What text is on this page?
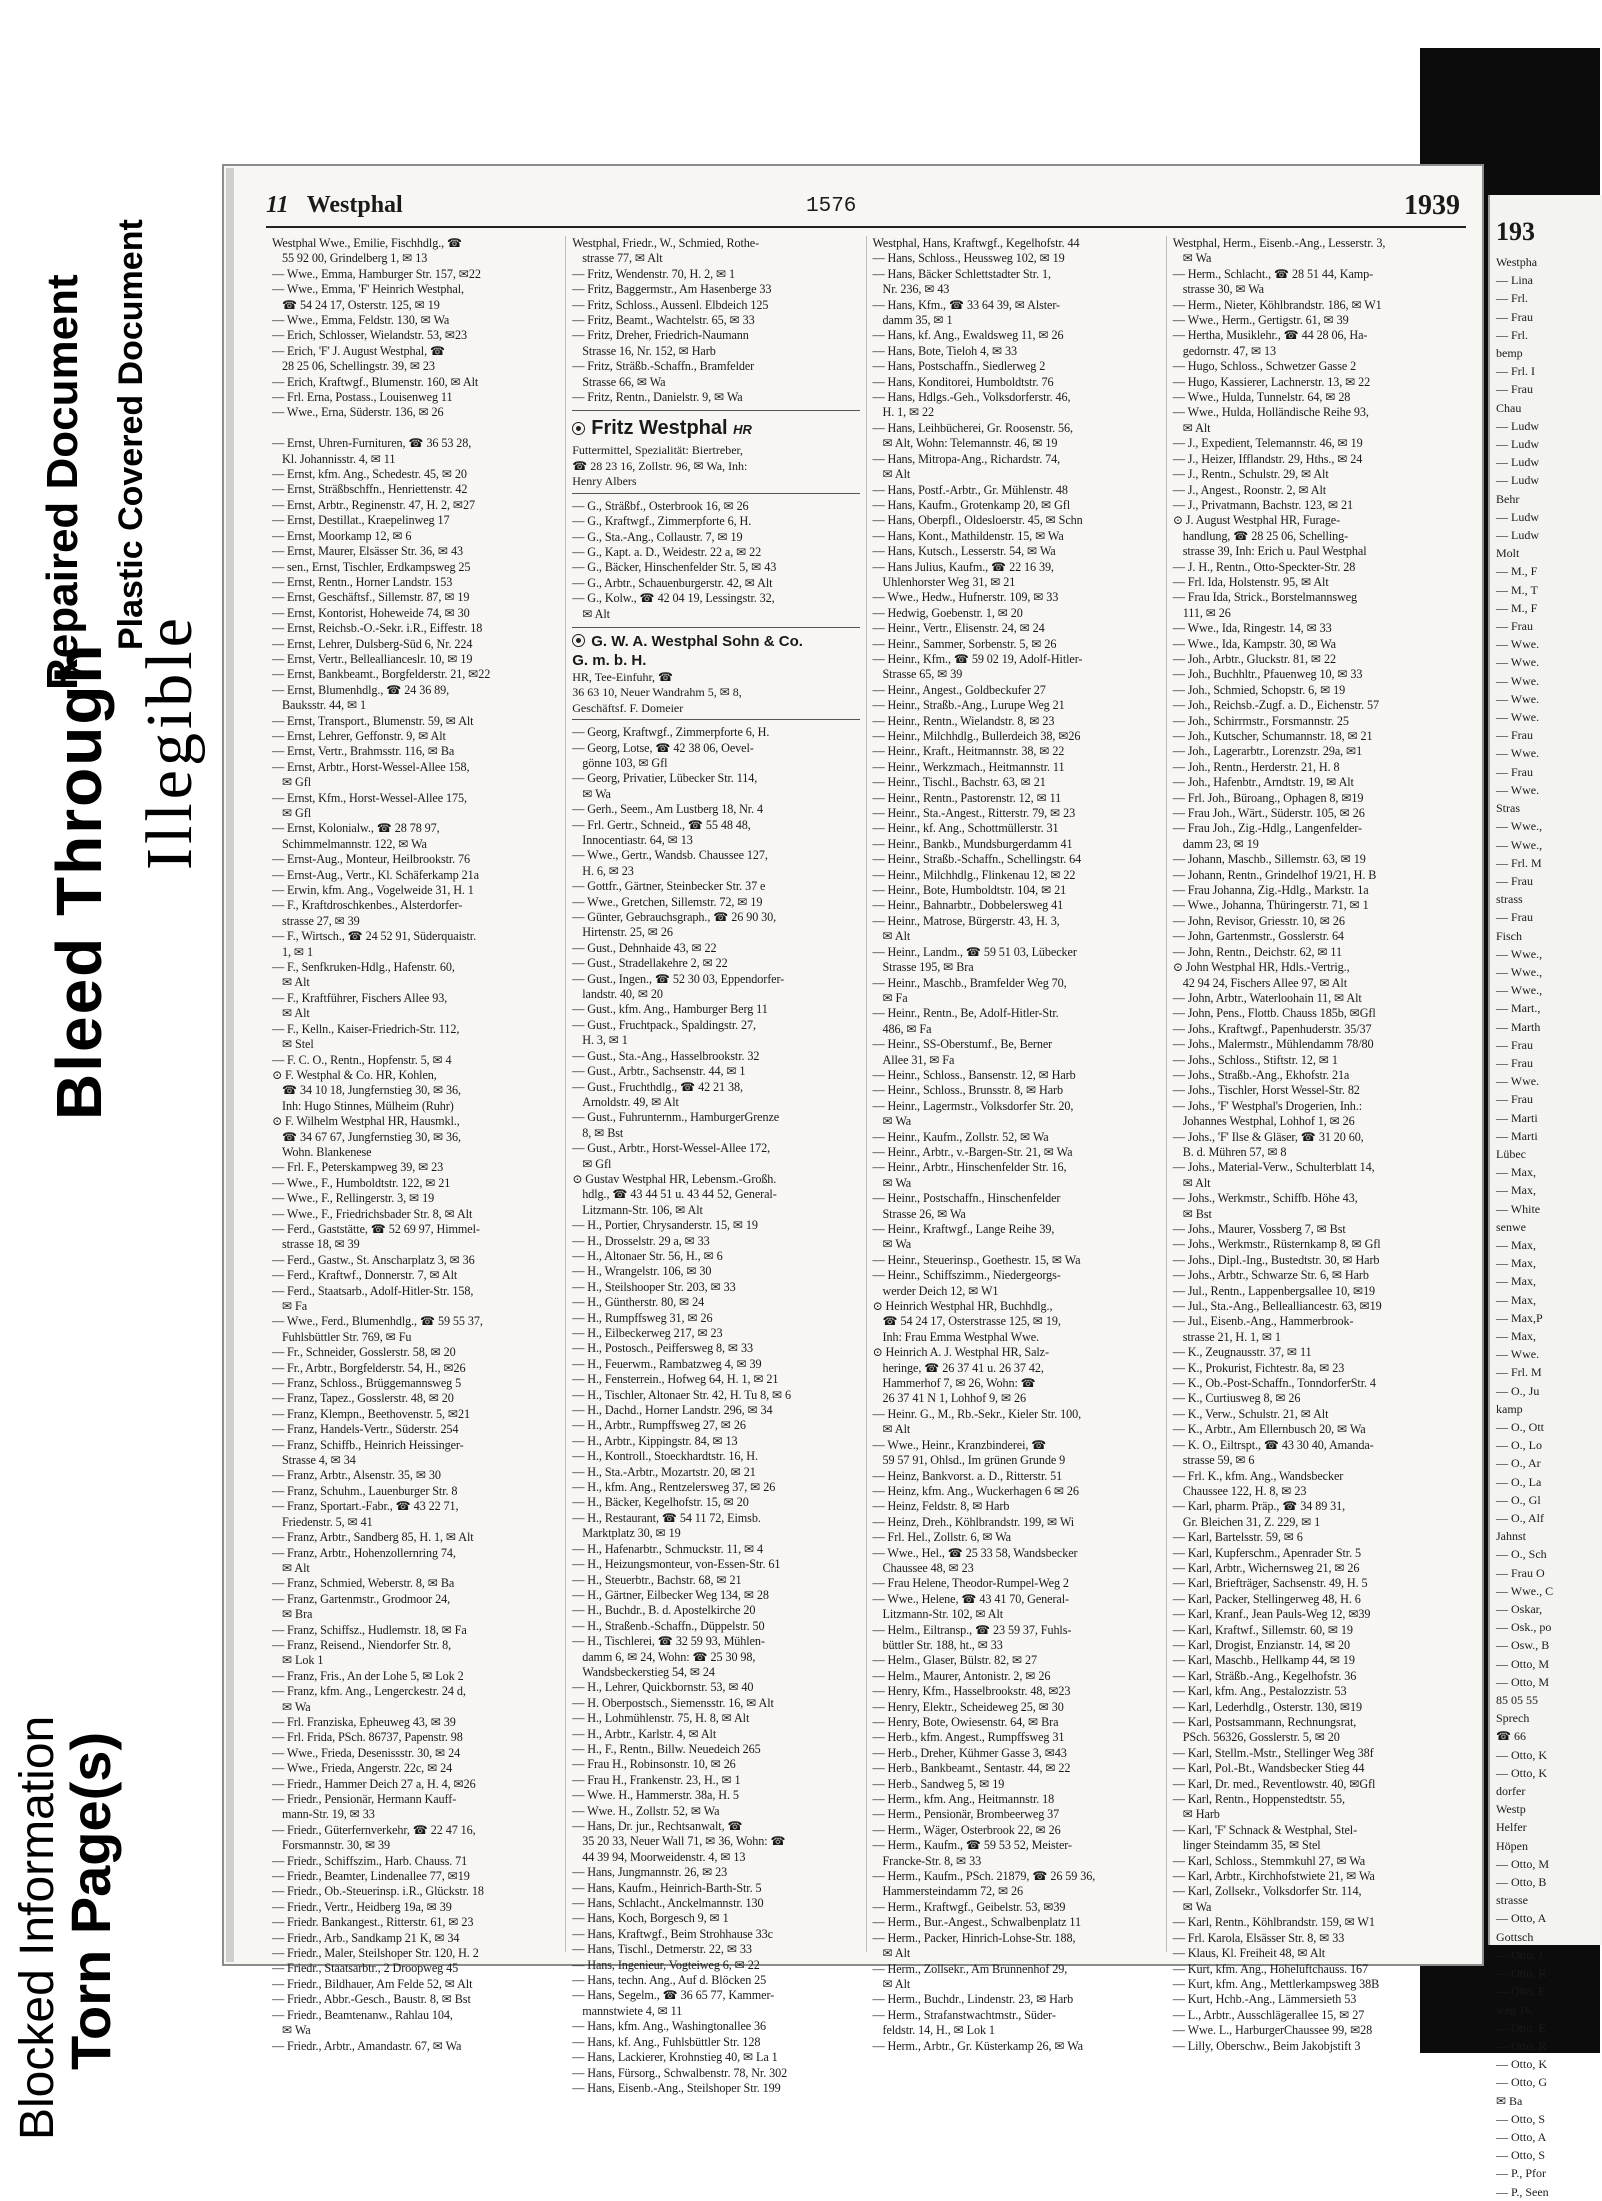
Blocked Information
Bleed Through
Torn Page(s)
Illegible
Repaired Document Plastic Covered Document	193
Westpha
— Lina
— Frl.
— Frau
— Frl.
bemp
— Frl. I
— Frau
Chau
— Ludw
— Ludw
— Ludw
— Ludw
Behr
— Ludw
— Ludw
Molt
— M., F
— M., T
— M., F
— Frau
— Wwe.
— Wwe.
— Wwe.
— Wwe.
— Wwe.
— Frau
— Wwe.
— Frau
— Wwe.
Stras
— Wwe.,
— Wwe.,
— Frl. M
— Frau
strass
— Frau
Fisch
— Wwe.,
— Wwe.,
— Wwe.,
— Mart.,
— Marth
— Frau
— Frau
— Wwe.
— Frau
— Marti
— Marti
Lübec
— Max,
— Max,
— White
senwe
— Max,
— Max,
— Max,
— Max,
— Max,P
— Max,
— Wwe.
— Frl. M
— O., Ju
kamp
— O., Ott
— O., Lo
— O., Ar
— O., La
— O., Gl
— O., Alf
Jahnst
— O., Sch
— Frau O
— Wwe., C
— Oskar,
— Osk., po
— Osw., B
— Otto, M
— Otto, M
85 05 55
Sprech
☎ 66
— Otto, K
— Otto, K
dorfer
Westp
Helfer
Höpen
— Otto, M
— Otto, B
strasse
— Otto, A
Gottsch
— Otto, J
— Otto, R
— Otto, E
weg 16,
— Otto, E
— Otto, R
— Otto, K
— Otto, G
✉ Ba
— Otto, S
— Otto, A
— Otto, S
— P., Pfor
— P., Seen
11 Westphal	1576	1939
Westphal Wwe., Emilie, Fischhdlg., ☎
55 92 00, Grindelberg 1, ✉ 13
— Wwe., Emma, Hamburger Str. 157, ✉22
— Wwe., Emma, 'F' Heinrich Westphal,
☎ 54 24 17, Osterstr. 125, ✉ 19
— Wwe., Emma, Feldstr. 130, ✉ Wa
— Erich, Schlosser, Wielandstr. 53, ✉23
— Erich, 'F' J. August Westphal, ☎
28 25 06, Schellingstr. 39, ✉ 23
— Erich, Kraftwgf., Blumenstr. 160, ✉ Alt
— Frl. Erna, Postass., Louisenweg 11
— Wwe., Erna, Süderstr. 136, ✉ 26
— Ernst, Uhren-Furnituren, ☎ 36 53 28,
Kl. Johannisstr. 4, ✉ 11
— Ernst, kfm. Ang., Schedestr. 45, ✉ 20
— Ernst, Sträßbschffn., Henriettenstr. 42
— Ernst, Arbtr., Reginenstr. 47, H. 2, ✉27
— Ernst, Destillat., Kraepelinweg 17
— Ernst, Moorkamp 12, ✉ 6
— Ernst, Maurer, Elsässer Str. 36, ✉ 43
— sen., Ernst, Tischler, Erdkampsweg 25
— Ernst, Rentn., Horner Landstr. 153
— Ernst, Geschäftsf., Sillemstr. 87, ✉ 19
— Ernst, Kontorist, Hoheweide 74, ✉ 30
— Ernst, Reichsb.-O.-Sekr. i.R., Eiffestr. 18
— Ernst, Lehrer, Dulsberg-Süd 6, Nr. 224
— Ernst, Vertr., Belleallianceslr. 10, ✉ 19
— Ernst, Bankbeamt., Borgfelderstr. 21, ✉22
— Ernst, Blumenhdlg., ☎ 24 36 89,
Bauksstr. 44, ✉ 1
— Ernst, Transport., Blumenstr. 59, ✉ Alt
— Ernst, Lehrer, Geffonstr. 9, ✉ Alt
— Ernst, Vertr., Brahmsstr. 116, ✉ Ba
— Ernst, Arbtr., Horst-Wessel-Allee 158,
✉ Gfl
— Ernst, Kfm., Horst-Wessel-Allee 175,
✉ Gfl
— Ernst, Kolonialw., ☎ 28 78 97,
Schimmelmannstr. 122, ✉ Wa
— Ernst-Aug., Monteur, Heilbrookstr. 76
— Ernst-Aug., Vertr., Kl. Schäferkamp 21a
— Erwin, kfm. Ang., Vogelweide 31, H. 1
— F., Kraftdroschkenbes., Alsterdorfer-
strasse 27, ✉ 39
— F., Wirtsch., ☎ 24 52 91, Süderquaistr.
1, ✉ 1
— F., Senfkruken-Hdlg., Hafenstr. 60,
✉ Alt
— F., Kraftführer, Fischers Allee 93,
✉ Alt
— F., Kelln., Kaiser-Friedrich-Str. 112,
✉ Stel
— F. C. O., Rentn., Hopfenstr. 5, ✉ 4
⊙ F. Westphal & Co. HR, Kohlen,
☎ 34 10 18, Jungfernstieg 30, ✉ 36,
Inh: Hugo Stinnes, Mülheim (Ruhr)
⊙ F. Wilhelm Westphal HR, Hausmkl.,
☎ 34 67 67, Jungfernstieg 30, ✉ 36,
Wohn. Blankenese
— Frl. F., Peterskampweg 39, ✉ 23
— Wwe., F., Humboldtstr. 122, ✉ 21
— Wwe., F., Rellingerstr. 3, ✉ 19
— Wwe., F., Friedrichsbader Str. 8, ✉ Alt
— Ferd., Gaststätte, ☎ 52 69 97, Himmel-
strasse 18, ✉ 39
— Ferd., Gastw., St. Anscharplatz 3, ✉ 36
— Ferd., Kraftwf., Donnerstr. 7, ✉ Alt
— Ferd., Staatsarb., Adolf-Hitler-Str. 158,
✉ Fa
— Wwe., Ferd., Blumenhdlg., ☎ 59 55 37,
Fuhlsbüttler Str. 769, ✉ Fu
— Fr., Schneider, Gosslerstr. 58, ✉ 20
— Fr., Arbtr., Borgfelderstr. 54, H., ✉26
— Franz, Schloss., Brüggemannsweg 5
— Franz, Tapez., Gosslerstr. 48, ✉ 20
— Franz, Klempn., Beethovenstr. 5, ✉21
— Franz, Handels-Vertr., Süderstr. 254
— Franz, Schiffb., Heinrich Heissinger-
Strasse 4, ✉ 34
— Franz, Arbtr., Alsenstr. 35, ✉ 30
— Franz, Schuhm., Lauenburger Str. 8
— Franz, Sportart.-Fabr., ☎ 43 22 71,
Friedenstr. 5, ✉ 41
— Franz, Arbtr., Sandberg 85, H. 1, ✉ Alt
— Franz, Arbtr., Hohenzollernring 74,
✉ Alt
— Franz, Schmied, Weberstr. 8, ✉ Ba
— Franz, Gartenmstr., Grodmoor 24,
✉ Bra
— Franz, Schiffsz., Hudlemstr. 18, ✉ Fa
— Franz, Reisend., Niendorfer Str. 8,
✉ Lok 1
— Franz, Fris., An der Lohe 5, ✉ Lok 2
— Franz, kfm. Ang., Lengerckestr. 24 d,
✉ Wa
— Frl. Franziska, Epheuweg 43, ✉ 39
— Frl. Frida, PSch. 86737, Papenstr. 98
— Wwe., Frieda, Desenissstr. 30, ✉ 24
— Wwe., Frieda, Angerstr. 22c, ✉ 24
— Friedr., Hammer Deich 27 a, H. 4, ✉26
— Friedr., Pensionär, Hermann Kauff-
mann-Str. 19, ✉ 33
— Friedr., Güterfernverkehr, ☎ 22 47 16,
Forsmannstr. 30, ✉ 39
— Friedr., Schiffszim., Harb. Chauss. 71
— Friedr., Beamter, Lindenallee 77, ✉19
— Friedr., Ob.-Steuerinsp. i.R., Glückstr. 18
— Friedr., Vertr., Heidberg 19a, ✉ 39
— Friedr. Bankangest., Ritterstr. 61, ✉ 23
— Friedr., Arb., Sandkamp 21 K, ✉ 34
— Friedr., Maler, Steilshoper Str. 120, H. 2
— Friedr., Staatsarbtr., 2 Droopweg 45
— Friedr., Bildhauer, Am Felde 52, ✉ Alt
— Friedr., Abbr.-Gesch., Baustr. 8, ✉ Bst
— Friedr., Beamtenanw., Rahlau 104,
✉ Wa
— Friedr., Arbtr., Amandastr. 67, ✉ Wa
Westphal, Friedr., W., Schmied, Rothe-
strasse 77, ✉ Alt
— Fritz, Wendenstr. 70, H. 2, ✉ 1
— Fritz, Baggermstr., Am Hasenberge 33
— Fritz, Schloss., Aussenl. Elbdeich 125
— Fritz, Beamt., Wachtelstr. 65, ✉ 33
— Fritz, Dreher, Friedrich-Naumann
Strasse 16, Nr. 152, ✉ Harb
— Fritz, Sträßb.-Schaffn., Bramfelder
Strasse 66, ✉ Wa
— Fritz, Rentn., Danielstr. 9, ✉ Wa
Fritz Westphal HR
Futtermittel, Spezialität: Biertreber,
☎ 28 23 16, Zollstr. 96, ✉ Wa, Inh:
Henry Albers
— G., Sträßbf., Osterbrook 16, ✉ 26
— G., Kraftwgf., Zimmerpforte 6, H.
— G., Sta.-Ang., Collaustr. 7, ✉ 19
— G., Kapt. a. D., Weidestr. 22 a, ✉ 22
— G., Bäcker, Hinschenfelder Str. 5, ✉ 43
— G., Arbtr., Schauenburgerstr. 42, ✉ Alt
— G., Kolw., ☎ 42 04 19, Lessingstr. 32,
✉ Alt
G. W. A. Westphal Sohn & Co.
G. m. b. H.
HR, Tee-Einfuhr, ☎
36 63 10, Neuer Wandrahm 5, ✉ 8,
Geschäftsf. F. Domeier
— Georg, Kraftwgf., Zimmerpforte 6, H.
— Georg, Lotse, ☎ 42 38 06, Oevel-
gönne 103, ✉ Gfl
— Georg, Privatier, Lübecker Str. 114,
✉ Wa
— Gerh., Seem., Am Lustberg 18, Nr. 4
— Frl. Gertr., Schneid., ☎ 55 48 48,
Innocentiastr. 64, ✉ 13
— Wwe., Gertr., Wandsb. Chaussee 127,
H. 6, ✉ 23
— Gottfr., Gärtner, Steinbecker Str. 37 e
— Wwe., Gretchen, Sillemstr. 72, ✉ 19
— Günter, Gebrauchsgraph., ☎ 26 90 30,
Hirtenstr. 25, ✉ 26
— Gust., Dehnhaide 43, ✉ 22
— Gust., Stradellakehre 2, ✉ 22
— Gust., Ingen., ☎ 52 30 03, Eppendorfer-
landstr. 40, ✉ 20
— Gust., kfm. Ang., Hamburger Berg 11
— Gust., Fruchtpack., Spaldingstr. 27,
H. 3, ✉ 1
— Gust., Sta.-Ang., Hasselbrookstr. 32
— Gust., Arbtr., Sachsenstr. 44, ✉ 1
— Gust., Fruchthdlg., ☎ 42 21 38,
Arnoldstr. 49, ✉ Alt
— Gust., Fuhrunternm., HamburgerGrenze
8, ✉ Bst
— Gust., Arbtr., Horst-Wessel-Allee 172,
✉ Gfl
⊙ Gustav Westphal HR, Lebensm.-Großh.
hdlg., ☎ 43 44 51 u. 43 44 52, General-
Litzmann-Str. 106, ✉ Alt
— H., Portier, Chrysanderstr. 15, ✉ 19
— H., Drosselstr. 29 a, ✉ 33
— H., Altonaer Str. 56, H., ✉ 6
— H., Wrangelstr. 106, ✉ 30
— H., Steilshooper Str. 203, ✉ 33
— H., Güntherstr. 80, ✉ 24
— H., Rumpffsweg 31, ✉ 26
— H., Eilbeckerweg 217, ✉ 23
— H., Postosch., Peiffersweg 8, ✉ 33
— H., Feuerwm., Rambatzweg 4, ✉ 39
— H., Fensterrein., Hofweg 64, H. 1, ✉ 21
— H., Tischler, Altonaer Str. 42, H. Tu 8, ✉ 6
— H., Dachd., Horner Landstr. 296, ✉ 34
— H., Arbtr., Rumpffsweg 27, ✉ 26
— H., Arbtr., Kippingstr. 84, ✉ 13
— H., Kontroll., Stoeckhardtstr. 16, H.
— H., Sta.-Arbtr., Mozartstr. 20, ✉ 21
— H., kfm. Ang., Rentzelersweg 37, ✉ 26
— H., Bäcker, Kegelhofstr. 15, ✉ 20
— H., Restaurant, ☎ 54 11 72, Eimsb.
Marktplatz 30, ✉ 19
— H., Hafenarbtr., Schmuckstr. 11, ✉ 4
— H., Heizungsmonteur, von-Essen-Str. 61
— H., Steuerbtr., Bachstr. 68, ✉ 21
— H., Gärtner, Eilbecker Weg 134, ✉ 28
— H., Buchdr., B. d. Apostelkirche 20
— H., Straßenb.-Schaffn., Düppelstr. 50
— H., Tischlerei, ☎ 32 59 93, Mühlen-
damm 6, ✉ 24, Wohn: ☎ 25 30 98,
Wandsbeckerstieg 54, ✉ 24
— H., Lehrer, Quickbornstr. 53, ✉ 40
— H. Oberpostsch., Siemensstr. 16, ✉ Alt
— H., Lohmühlenstr. 75, H. 8, ✉ Alt
— H., Arbtr., Karlstr. 4, ✉ Alt
— H., F., Rentn., Billw. Neuedeich 265
— Frau H., Robinsonstr. 10, ✉ 26
— Frau H., Frankenstr. 23, H., ✉ 1
— Wwe. H., Hammerstr. 38a, H. 5
— Wwe. H., Zollstr. 52, ✉ Wa
— Hans, Dr. jur., Rechtsanwalt, ☎
35 20 33, Neuer Wall 71, ✉ 36, Wohn: ☎
44 39 94, Moorweidenstr. 4, ✉ 13
— Hans, Jungmannstr. 26, ✉ 23
— Hans, Kaufm., Heinrich-Barth-Str. 5
— Hans, Schlacht., Anckelmannstr. 130
— Hans, Koch, Borgesch 9, ✉ 1
— Hans, Kraftwgf., Beim Strohhause 33c
— Hans, Tischl., Detmerstr. 22, ✉ 33
— Hans, Ingenieur, Vogteiweg 6, ✉ 22
— Hans, techn. Ang., Auf d. Blöcken 25
— Hans, Segelm., ☎ 36 65 77, Kammer-
mannstwiete 4, ✉ 11
— Hans, kfm. Ang., Washingtonallee 36
— Hans, kf. Ang., Fuhlsbüttler Str. 128
— Hans, Lackierer, Krohnstieg 40, ✉ La 1
— Hans, Fürsorg., Schwalbenstr. 78, Nr. 302
— Hans, Eisenb.-Ang., Steilshoper Str. 199
Westphal, Hans, Kraftwgf., Kegelhofstr. 44
— Hans, Schloss., Heussweg 102, ✉ 19
— Hans, Bäcker Schlettstadter Str. 1,
Nr. 236, ✉ 43
— Hans, Kfm., ☎ 33 64 39, ✉ Alster-
damm 35, ✉ 1
— Hans, kf. Ang., Ewaldsweg 11, ✉ 26
— Hans, Bote, Tieloh 4, ✉ 33
— Hans, Postschaffn., Siedlerweg 2
— Hans, Konditorei, Humboldtstr. 76
— Hans, Hdlgs.-Geh., Volksdorferstr. 46,
H. 1, ✉ 22
— Hans, Leihbücherei, Gr. Roosenstr. 56,
✉ Alt, Wohn: Telemannstr. 46, ✉ 19
— Hans, Mitropa-Ang., Richardstr. 74,
✉ Alt
— Hans, Postf.-Arbtr., Gr. Mühlenstr. 48
— Hans, Kaufm., Grotenkamp 20, ✉ Gfl
— Hans, Oberpfl., Oldesloerstr. 45, ✉ Schn
— Hans, Kont., Mathildenstr. 15, ✉ Wa
— Hans, Kutsch., Lesserstr. 54, ✉ Wa
— Hans Julius, Kaufm., ☎ 22 16 39,
Uhlenhorster Weg 31, ✉ 21
— Wwe., Hedw., Hufnerstr. 109, ✉ 33
— Hedwig, Goebenstr. 1, ✉ 20
— Heinr., Vertr., Elisenstr. 24, ✉ 24
— Heinr., Sammer, Sorbenstr. 5, ✉ 26
— Heinr., Kfm., ☎ 59 02 19, Adolf-Hitler-
Strasse 65, ✉ 39
— Heinr., Angest., Goldbeckufer 27
— Heinr., Straßb.-Ang., Lurupe Weg 21
— Heinr., Rentn., Wielandstr. 8, ✉ 23
— Heinr., Milchhdlg., Bullerdeich 38, ✉26
— Heinr., Kraft., Heitmannstr. 38, ✉ 22
— Heinr., Werkzmach., Heitmannstr. 11
— Heinr., Tischl., Bachstr. 63, ✉ 21
— Heinr., Rentn., Pastorenstr. 12, ✉ 11
— Heinr., Sta.-Angest., Ritterstr. 79, ✉ 23
— Heinr., kf. Ang., Schottmüllerstr. 31
— Heinr., Bankb., Mundsburgerdamm 41
— Heinr., Straßb.-Schaffn., Schellingstr. 64
— Heinr., Milchhdlg., Flinkenau 12, ✉ 22
— Heinr., Bote, Humboldtstr. 104, ✉ 21
— Heinr., Bahnarbtr., Dobbelersweg 41
— Heinr., Matrose, Bürgerstr. 43, H. 3,
✉ Alt
— Heinr., Landm., ☎ 59 51 03, Lübecker
Strasse 195, ✉ Bra
— Heinr., Maschb., Bramfelder Weg 70,
✉ Fa
— Heinr., Rentn., Be, Adolf-Hitler-Str.
486, ✉ Fa
— Heinr., SS-Oberstumf., Be, Berner
Allee 31, ✉ Fa
— Heinr., Schloss., Bansenstr. 12, ✉ Harb
— Heinr., Schloss., Brunsstr. 8, ✉ Harb
— Heinr., Lagermstr., Volksdorfer Str. 20,
✉ Wa
— Heinr., Kaufm., Zollstr. 52, ✉ Wa
— Heinr., Arbtr., v.-Bargen-Str. 21, ✉ Wa
— Heinr., Arbtr., Hinschenfelder Str. 16,
✉ Wa
— Heinr., Postschaffn., Hinschenfelder
Strasse 26, ✉ Wa
— Heinr., Kraftwgf., Lange Reihe 39,
✉ Wa
— Heinr., Steuerinsp., Goethestr. 15, ✉ Wa
— Heinr., Schiffszimm., Niedergeorgs-
werder Deich 12, ✉ W1
⊙ Heinrich Westphal HR, Buchhdlg.,
☎ 54 24 17, Osterstrasse 125, ✉ 19,
Inh: Frau Emma Westphal Wwe.
⊙ Heinrich A. J. Westphal HR, Salz-
heringe, ☎ 26 37 41 u. 26 37 42,
Hammerhof 7, ✉ 26, Wohn: ☎
26 37 41 N 1, Lohhof 9, ✉ 26
— Heinr. G., M., Rb.-Sekr., Kieler Str. 100,
✉ Alt
— Wwe., Heinr., Kranzbinderei, ☎
59 57 91, Ohlsd., Im grünen Grunde 9
— Heinz, Bankvorst. a. D., Ritterstr. 51
— Heinz, kfm. Ang., Wuckerhagen 6 ✉ 26
— Heinz, Feldstr. 8, ✉ Harb
— Heinz, Dreh., Köhlbrandstr. 199, ✉ Wi
— Frl. Hel., Zollstr. 6, ✉ Wa
— Wwe., Hel., ☎ 25 33 58, Wandsbecker
Chaussee 48, ✉ 23
— Frau Helene, Theodor-Rumpel-Weg 2
— Wwe., Helene, ☎ 43 41 70, General-
Litzmann-Str. 102, ✉ Alt
— Helm., Eiltransp., ☎ 23 59 37, Fuhls-
büttler Str. 188, ht., ✉ 33
— Helm., Glaser, Bülstr. 82, ✉ 27
— Helm., Maurer, Antonistr. 2, ✉ 26
— Henry, Kfm., Hasselbrookstr. 48, ✉23
— Henry, Elektr., Scheideweg 25, ✉ 30
— Henry, Bote, Owiesenstr. 64, ✉ Bra
— Herb., kfm. Angest., Rumpffsweg 31
— Herb., Dreher, Kühmer Gasse 3, ✉43
— Herb., Bankbeamt., Sentastr. 44, ✉ 22
— Herb., Sandweg 5, ✉ 19
— Herm., kfm. Ang., Heitmannstr. 18
— Herm., Pensionär, Brombeerweg 37
— Herm., Wäger, Osterbrook 22, ✉ 26
— Herm., Kaufm., ☎ 59 53 52, Meister-
Francke-Str. 8, ✉ 33
— Herm., Kaufm., PSch. 21879, ☎ 26 59 36,
Hammersteindamm 72, ✉ 26
— Herm., Kraftwgf., Geibelstr. 53, ✉39
— Herm., Bur.-Angest., Schwalbenplatz 11
— Herm., Packer, Hinrich-Lohse-Str. 188,
✉ Alt
— Herm., Zollsekr., Am Brunnenhof 29,
✉ Alt
— Herm., Buchdr., Lindenstr. 23, ✉ Harb
— Herm., Strafanstwachtmstr., Süder-
feldstr. 14, H., ✉ Lok 1
— Herm., Arbtr., Gr. Küsterkamp 26, ✉ Wa
Westphal, Herm., Eisenb.-Ang., Lesserstr. 3,
✉ Wa
— Herm., Schlacht., ☎ 28 51 44, Kamp-
strasse 30, ✉ Wa
— Herm., Nieter, Köhlbrandstr. 186, ✉ W1
— Wwe., Herm., Gertigstr. 61, ✉ 39
— Hertha, Musiklehr., ☎ 44 28 06, Ha-
gedornstr. 47, ✉ 13
— Hugo, Schloss., Schwetzer Gasse 2
— Hugo, Kassierer, Lachnerstr. 13, ✉ 22
— Wwe., Hulda, Tunnelstr. 64, ✉ 28
— Wwe., Hulda, Holländische Reihe 93,
✉ Alt
— J., Expedient, Telemannstr. 46, ✉ 19
— J., Heizer, Ifflandstr. 29, Hths., ✉ 24
— J., Rentn., Schulstr. 29, ✉ Alt
— J., Angest., Roonstr. 2, ✉ Alt
— J., Privatmann, Bachstr. 123, ✉ 21
⊙ J. August Westphal HR, Furage-
handlung, ☎ 28 25 06, Schelling-
strasse 39, Inh: Erich u. Paul Westphal
— J. H., Rentn., Otto-Speckter-Str. 28
— Frl. Ida, Holstenstr. 95, ✉ Alt
— Frau Ida, Strick., Borstelmannsweg
111, ✉ 26
— Wwe., Ida, Ringestr. 14, ✉ 33
— Wwe., Ida, Kampstr. 30, ✉ Wa
— Joh., Arbtr., Gluckstr. 81, ✉ 22
— Joh., Buchhltr., Pfauenweg 10, ✉ 33
— Joh., Schmied, Schopstr. 6, ✉ 19
— Joh., Reichsb.-Zugf. a. D., Eichenstr. 57
— Joh., Schirrmstr., Forsmannstr. 25
— Joh., Kutscher, Schumannstr. 18, ✉ 21
— Joh., Lagerarbtr., Lorenzstr. 29a, ✉1
— Joh., Rentn., Herderstr. 21, H. 8
— Joh., Hafenbtr., Arndtstr. 19, ✉ Alt
— Frl. Joh., Büroang., Ophagen 8, ✉19
— Frau Joh., Wärt., Süderstr. 105, ✉ 26
— Frau Joh., Zig.-Hdlg., Langenfelder-
damm 23, ✉ 19
— Johann, Maschb., Sillemstr. 63, ✉ 19
— Johann, Rentn., Grindelhof 19/21, H. B
— Frau Johanna, Zig.-Hdlg., Markstr. 1a
— Wwe., Johanna, Thüringerstr. 71, ✉ 1
— John, Revisor, Griesstr. 10, ✉ 26
— John, Gartenmstr., Gosslerstr. 64
— John, Rentn., Deichstr. 62, ✉ 11
⊙ John Westphal HR, Hdls.-Vertrig.,
42 94 24, Fischers Allee 97, ✉ Alt
— John, Arbtr., Waterloohain 11, ✉ Alt
— John, Pens., Flottb. Chauss 185b, ✉Gfl
— Johs., Kraftwgf., Papenhuderstr. 35/37
— Johs., Malermstr., Mühlendamm 78/80
— Johs., Schloss., Stiftstr. 12, ✉ 1
— Johs., Straßb.-Ang., Ekhofstr. 21a
— Johs., Tischler, Horst Wessel-Str. 82
— Johs., 'F' Westphal's Drogerien, Inh.:
Johannes Westphal, Lohhof 1, ✉ 26
— Johs., 'F' Ilse & Gläser, ☎ 31 20 60,
B. d. Mühren 57, ✉ 8
— Johs., Material-Verw., Schulterblatt 14,
✉ Alt
— Johs., Werkmstr., Schiffb. Höhe 43,
✉ Bst
— Johs., Maurer, Vossberg 7, ✉ Bst
— Johs., Werkmstr., Rüsternkamp 8, ✉ Gfl
— Johs., Dipl.-Ing., Bustedtstr. 30, ✉ Harb
— Johs., Arbtr., Schwarze Str. 6, ✉ Harb
— Jul., Rentn., Lappenbergsallee 10, ✉19
— Jul., Sta.-Ang., Bellealliancestr. 63, ✉19
— Jul., Eisenb.-Ang., Hammerbrook-
strasse 21, H. 1, ✉ 1
— K., Zeugnausstr. 37, ✉ 11
— K., Prokurist, Fichtestr. 8a, ✉ 23
— K., Ob.-Post-Schaffn., TonndorferStr. 4
— K., Curtiusweg 8, ✉ 26
— K., Verw., Schulstr. 21, ✉ Alt
— K., Arbtr., Am Ellernbusch 20, ✉ Wa
— K. O., Eiltrspt., ☎ 43 30 40, Amanda-
strasse 59, ✉ 6
— Frl. K., kfm. Ang., Wandsbecker
Chaussee 122, H. 8, ✉ 23
— Karl, pharm. Präp., ☎ 34 89 31,
Gr. Bleichen 31, Z. 229, ✉ 1
— Karl, Bartelsstr. 59, ✉ 6
— Karl, Kupferschm., Apenrader Str. 5
— Karl, Arbtr., Wichernsweg 21, ✉ 26
— Karl, Briefträger, Sachsenstr. 49, H. 5
— Karl, Packer, Stellingerweg 48, H. 6
— Karl, Kranf., Jean Pauls-Weg 12, ✉39
— Karl, Kraftwf., Sillemstr. 60, ✉ 19
— Karl, Drogist, Enzianstr. 14, ✉ 20
— Karl, Maschb., Hellkamp 44, ✉ 19
— Karl, Sträßb.-Ang., Kegelhofstr. 36
— Karl, kfm. Ang., Pestalozzistr. 53
— Karl, Lederhdlg., Osterstr. 130, ✉19
— Karl, Postsammann, Rechnungsrat,
PSch. 56326, Gosslerstr. 5, ✉ 20
— Karl, Stellm.-Mstr., Stellinger Weg 38f
— Karl, Pol.-Bt., Wandsbecker Stieg 44
— Karl, Dr. med., Reventlowstr. 40, ✉Gfl
— Karl, Rentn., Hoppenstedtstr. 55,
✉ Harb
— Karl, 'F' Schnack & Westphal, Stel-
linger Steindamm 35, ✉ Stel
— Karl, Schloss., Stemmkuhl 27, ✉ Wa
— Karl, Arbtr., Kirchhofstwiete 21, ✉ Wa
— Karl, Zollsekr., Volksdorfer Str. 114,
✉ Wa
— Karl, Rentn., Köhlbrandstr. 159, ✉ W1
— Frl. Karola, Elsässer Str. 8, ✉ 33
— Klaus, Kl. Freiheit 48, ✉ Alt
— Kurt, kfm. Ang., Hoheluftchauss. 167
— Kurt, kfm. Ang., Mettlerkampsweg 38B
— Kurt, Hchb.-Ang., Lämmersieth 53
— L., Arbtr., Ausschlägerallee 15, ✉ 27
— Wwe. L., HarburgerChaussee 99, ✉28
— Lilly, Oberschw., Beim Jakobjstift 3
